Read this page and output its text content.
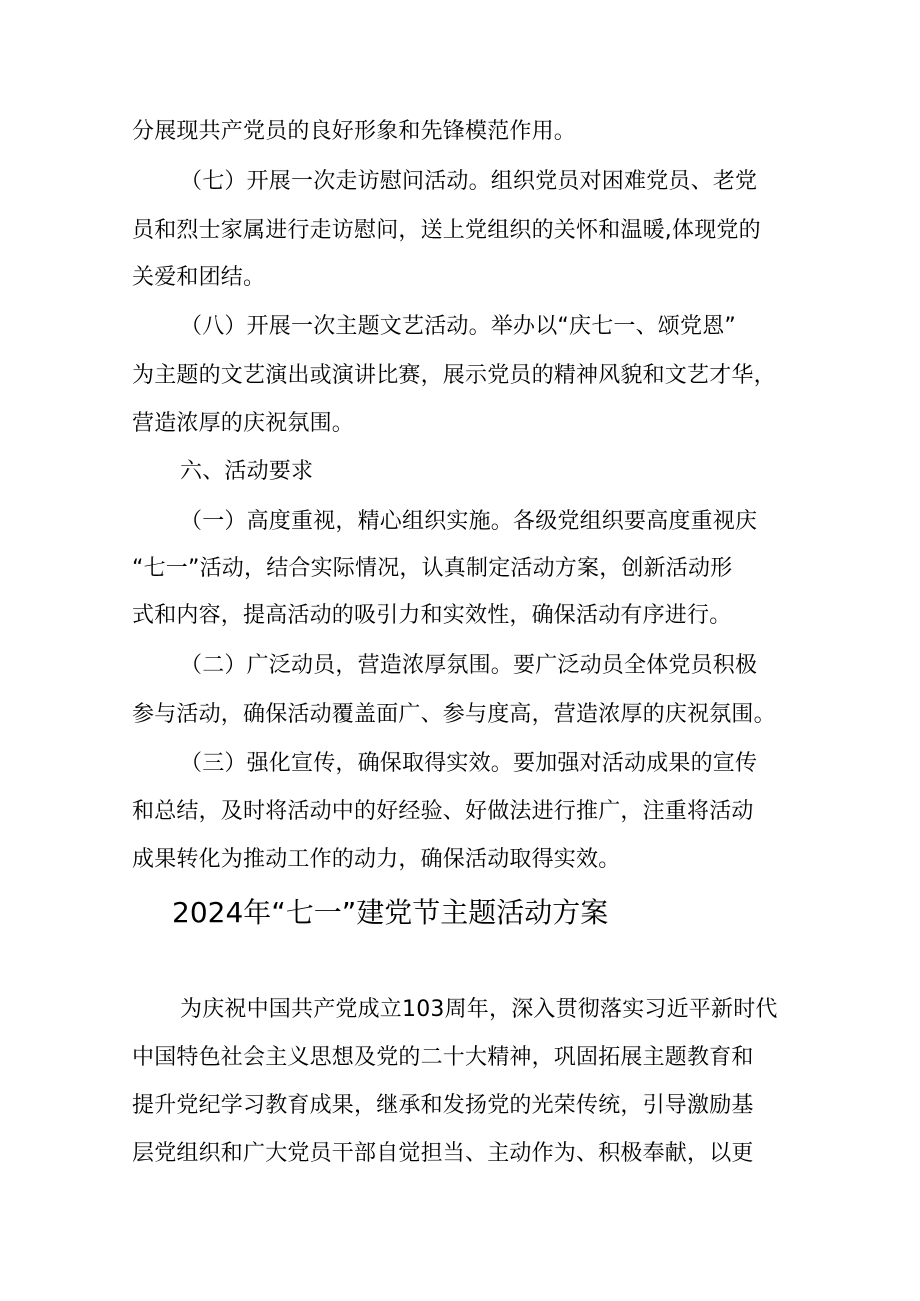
分展现共产党员的良好形象和先锋模范作用。
（七）开展一次走访慰问活动。组织党员对困难党员、老党
员和烈士家属进行走访慰问，送上党组织的关怀和温暖,体现党的
关爱和团结。
（八）开展一次主题文艺活动。举办以“庆七一、颂党恩”
为主题的文艺演出或演讲比赛，展示党员的精神风貌和文艺才华，
营造浓厚的庆祝氛围。
六、活动要求
（一）高度重视，精心组织实施。各级党组织要高度重视庆
“七一”活动，结合实际情况，认真制定活动方案，创新活动形
式和内容，提高活动的吸引力和实效性，确保活动有序进行。
（二）广泛动员，营造浓厚氛围。要广泛动员全体党员积极
参与活动，确保活动覆盖面广、参与度高，营造浓厚的庆祝氛围。
（三）强化宣传，确保取得实效。要加强对活动成果的宣传
和总结，及时将活动中的好经验、好做法进行推广，注重将活动
成果转化为推动工作的动力，确保活动取得实效。
2024年“七一”建党节主题活动方案
为庆祝中国共产党成立103周年，深入贯彻落实习近平新时代
中国特色社会主义思想及党的二十大精神，巩固拓展主题教育和
提升党纪学习教育成果，继承和发扬党的光荣传统，引导激励基
层党组织和广大党员干部自觉担当、主动作为、积极奉献，以更
